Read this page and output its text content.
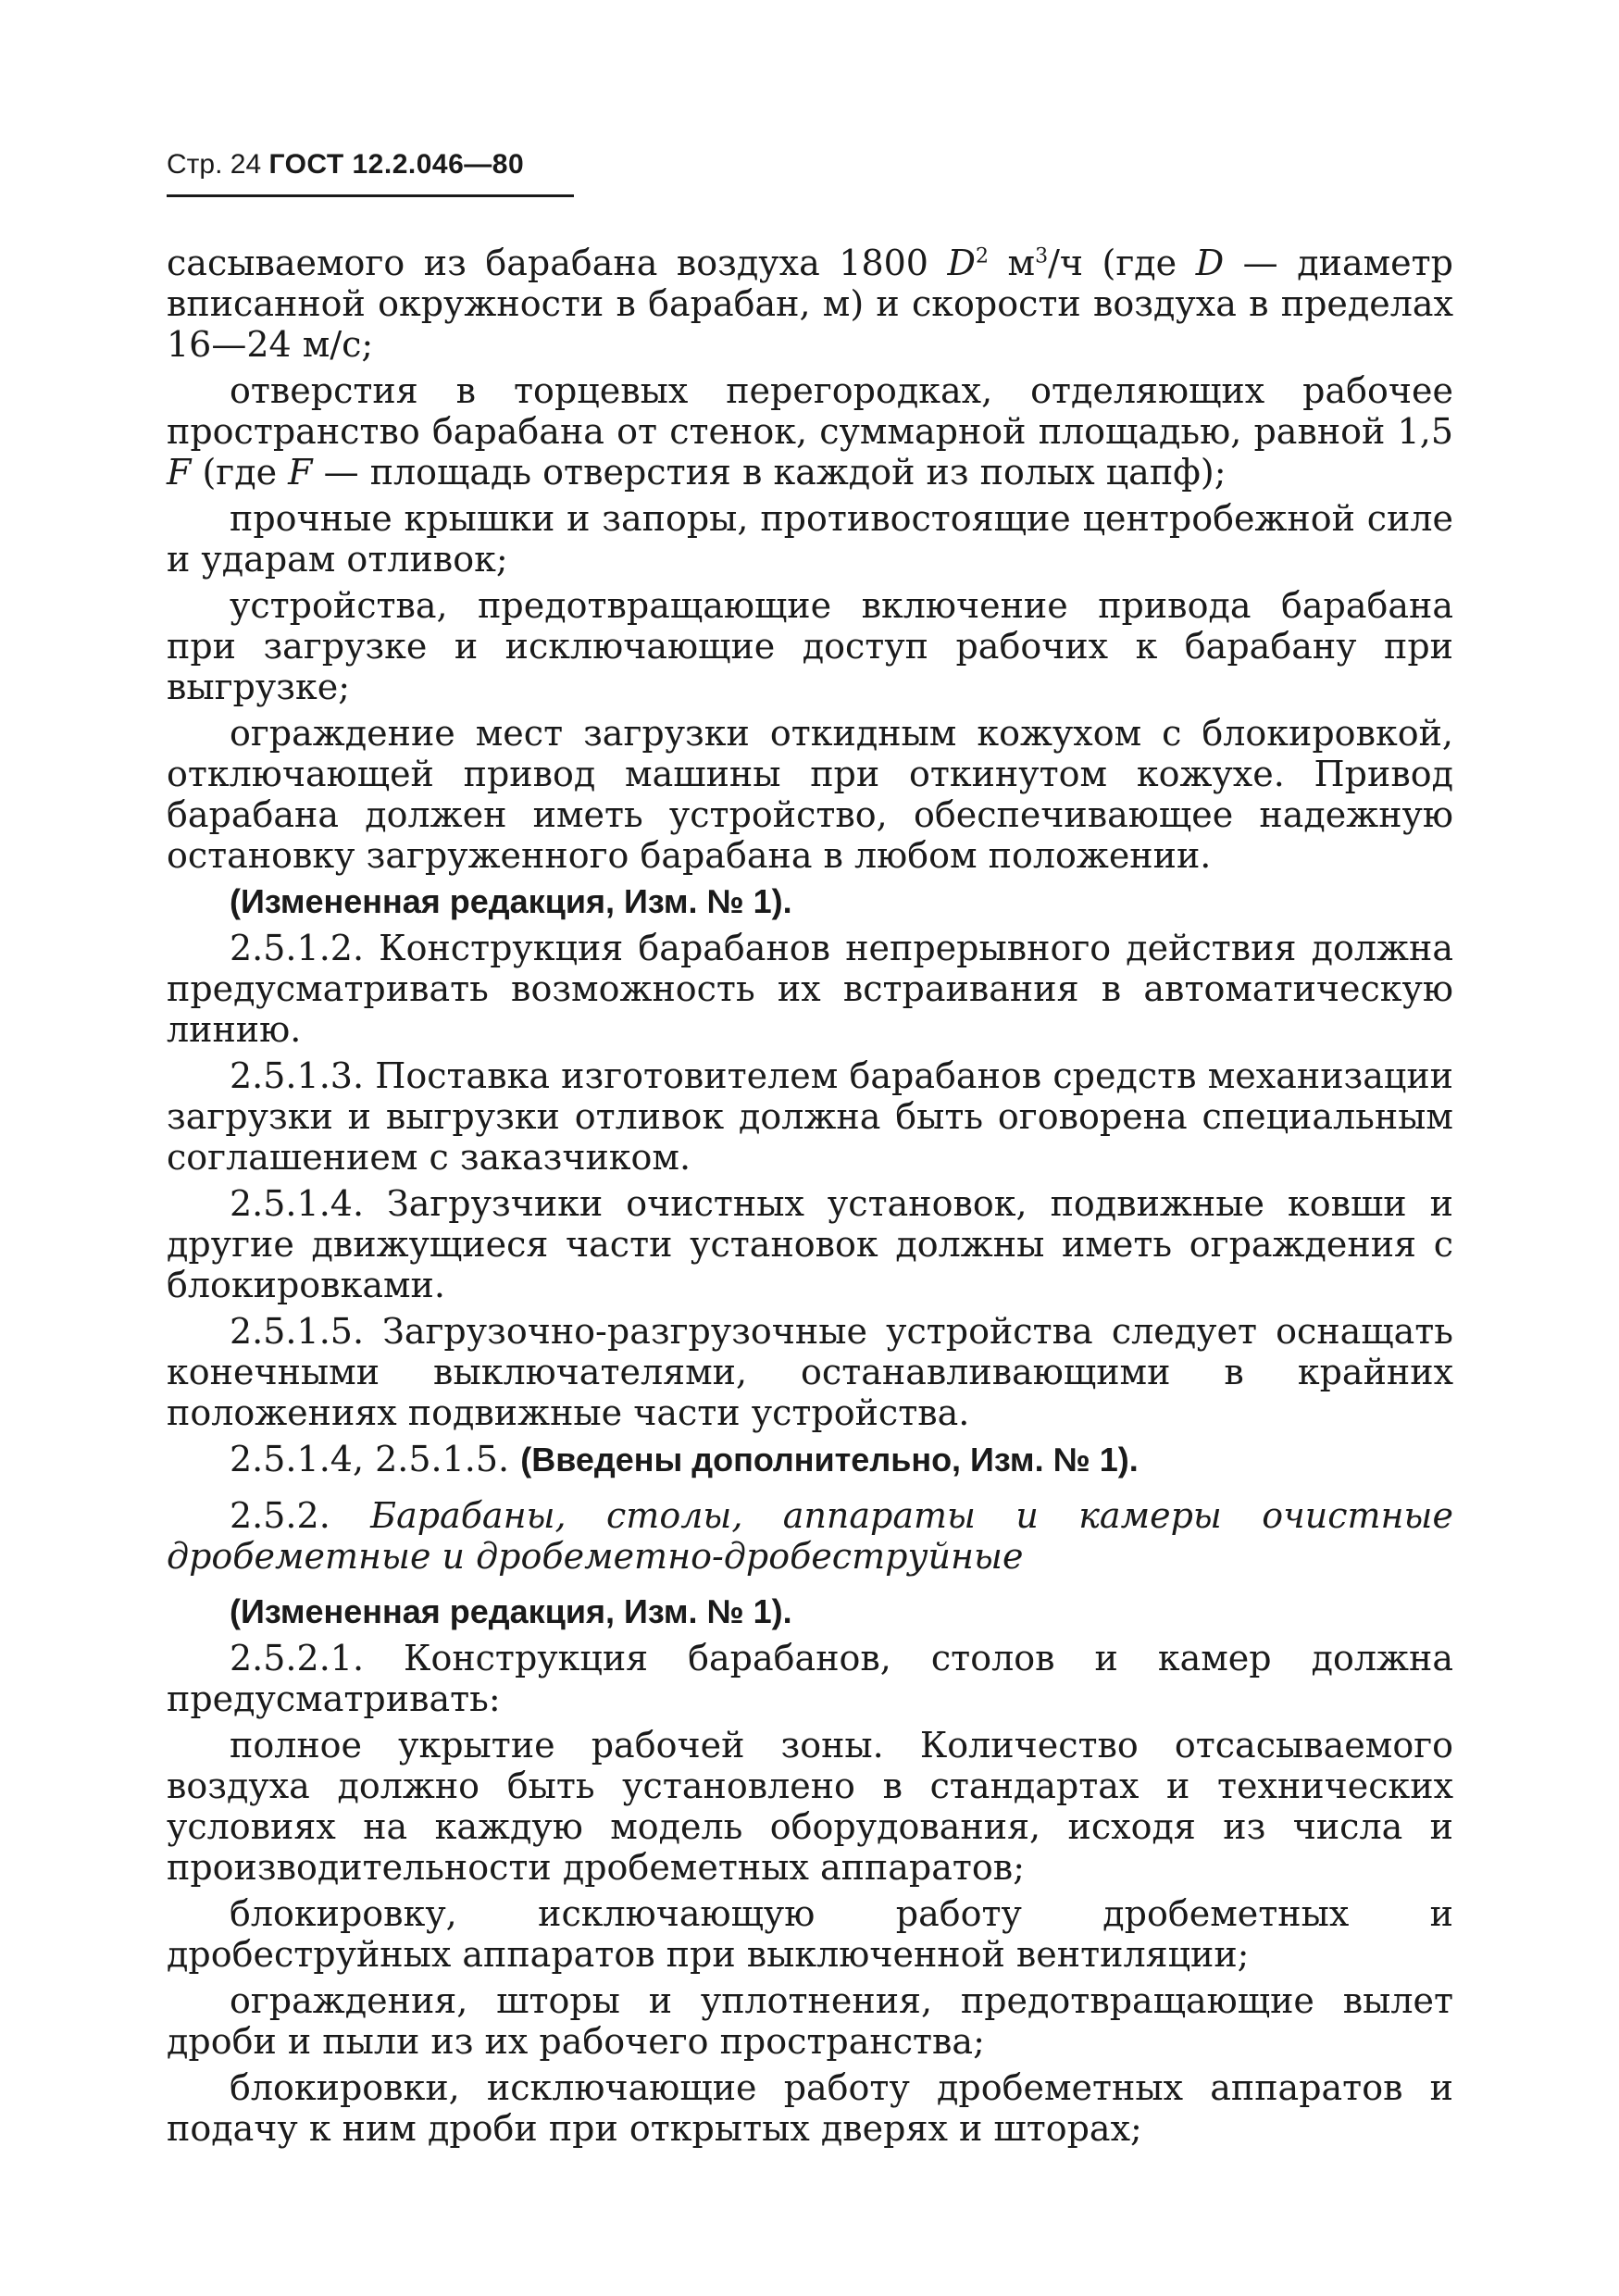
Стр. 24 ГОСТ 12.2.046—80

сасываемого из барабана воздуха 1800 $D^2$ $м^3/ч$ (где D — диаметр вписанной окружности в барабан, м) и скорости воздуха в пределах 16—24 м/с;

отверстия в торцевых перегородках, отделяющих рабочее пространство барабана от стенок, суммарной площадью, равной 1,5 F (где F — площадь отверстия в каждой из полых цапф);

прочные крышки и запоры, противостоящие центробежной силе и ударам отливок;

устройства, предотвращающие включение привода барабана при загрузке и исключающие доступ рабочих к барабану при выгрузке;

ограждение мест загрузки откидным кожухом с блокировкой, отключающей привод машины при откинутом кожухе. Привод барабана должен иметь устройство, обеспечивающее надежную остановку загруженного барабана в любом положении.

(Измененная редакция, Изм. № 1).

2.5.1.2. Конструкция барабанов непрерывного действия должна предусматривать возможность их встраивания в автоматическую линию.

2.5.1.3. Поставка изготовителем барабанов средств механизации загрузки и выгрузки отливок должна быть оговорена специальным соглашением с заказчиком.

2.5.1.4. Загрузчики очистных установок, подвижные ковши и другие движущиеся части установок должны иметь ограждения с блокировками.

2.5.1.5. Загрузочно-разгрузочные устройства следует оснащать конечными выключателями, останавливающими в крайних положениях подвижные части устройства.

2.5.1.4, 2.5.1.5. (Введены дополнительно, Изм. № 1).

2.5.2. Барабаны, столы, аппараты и камеры очистные дробеметные и дробеметно-дробеструйные

(Измененная редакция, Изм. № 1).

2.5.2.1. Конструкция барабанов, столов и камер должна предусматривать:

полное укрытие рабочей зоны. Количество отсасываемого воздуха должно быть установлено в стандартах и технических условиях на каждую модель оборудования, исходя из числа и производительности дробеметных аппаратов;

блокировку, исключающую работу дробеметных и дробеструйных аппаратов при выключенной вентиляции;

ограждения, шторы и уплотнения, предотвращающие вылет дроби и пыли из их рабочего пространства;

блокировки, исключающие работу дробеметных аппаратов и подачу к ним дроби при открытых дверях и шторах;
